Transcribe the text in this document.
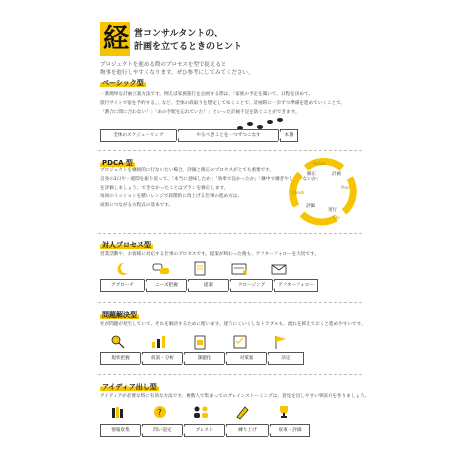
経 営コンサルタントの、
計画を立てるときのヒント
プロジェクトを進める際のプロセスを型で捉えると
物事を進行しやすくなります。ぜひ参考にしてみてください。
ベーシック型
一番簡単な計画立案方法です。例えば家族旅行を企画する際は、「家族の予定を聞いて、日程を決めて、
旅行サイトで宿を予約する。」など、全体の段取りを想定してゆくことで、計画時に一歩ずつ準備を進めていくことで、
「割合に間に合わない！」「あの手配を忘れていた！」といった計画不足を防ぐことができます。
全体のスケジューリング	やるべきことを一つずつこなす	本番
PDCA 型
プロジェクトを継続的に行ないたい場合、評価と修正のプロセスがとても重要です。
自身の1日や一週間を振り返って、「本当に意味したか」「効率で良かったか」「継中で継ぎやしていないか」
を評価しましょう。できなかったことはプランを修正します。
毎回のミッションを積いレンジで段階的に改上げる仕事の進め方は、
成果につながる方程式の基本です。
修正
Action
計画
Plan
評価
Check
実行
Do
対人プロセス型
営業活動や、お客様に対応する仕事のプロセスです。提案が終わった後も、アフターフォローを大切です。
アプローチ	ニーズ把握	提案	クロージング	アフターフォロー
問題解決型
社が問題が発生していて、それを解決するために使います。迷うにくいくしなトラブルも、流れを抑えておくと進めやすいです。
現状把握	仮説・分析	課題化	対策案	決定
アイディア出し型
アイディアが必要な時に有効な方法です。複数人で集まってのブレインストーミングは、意見を出しやすい事前方を作りましょう。
?
情報収集	問い設定	ブレスト	練り上げ	収束・評価
